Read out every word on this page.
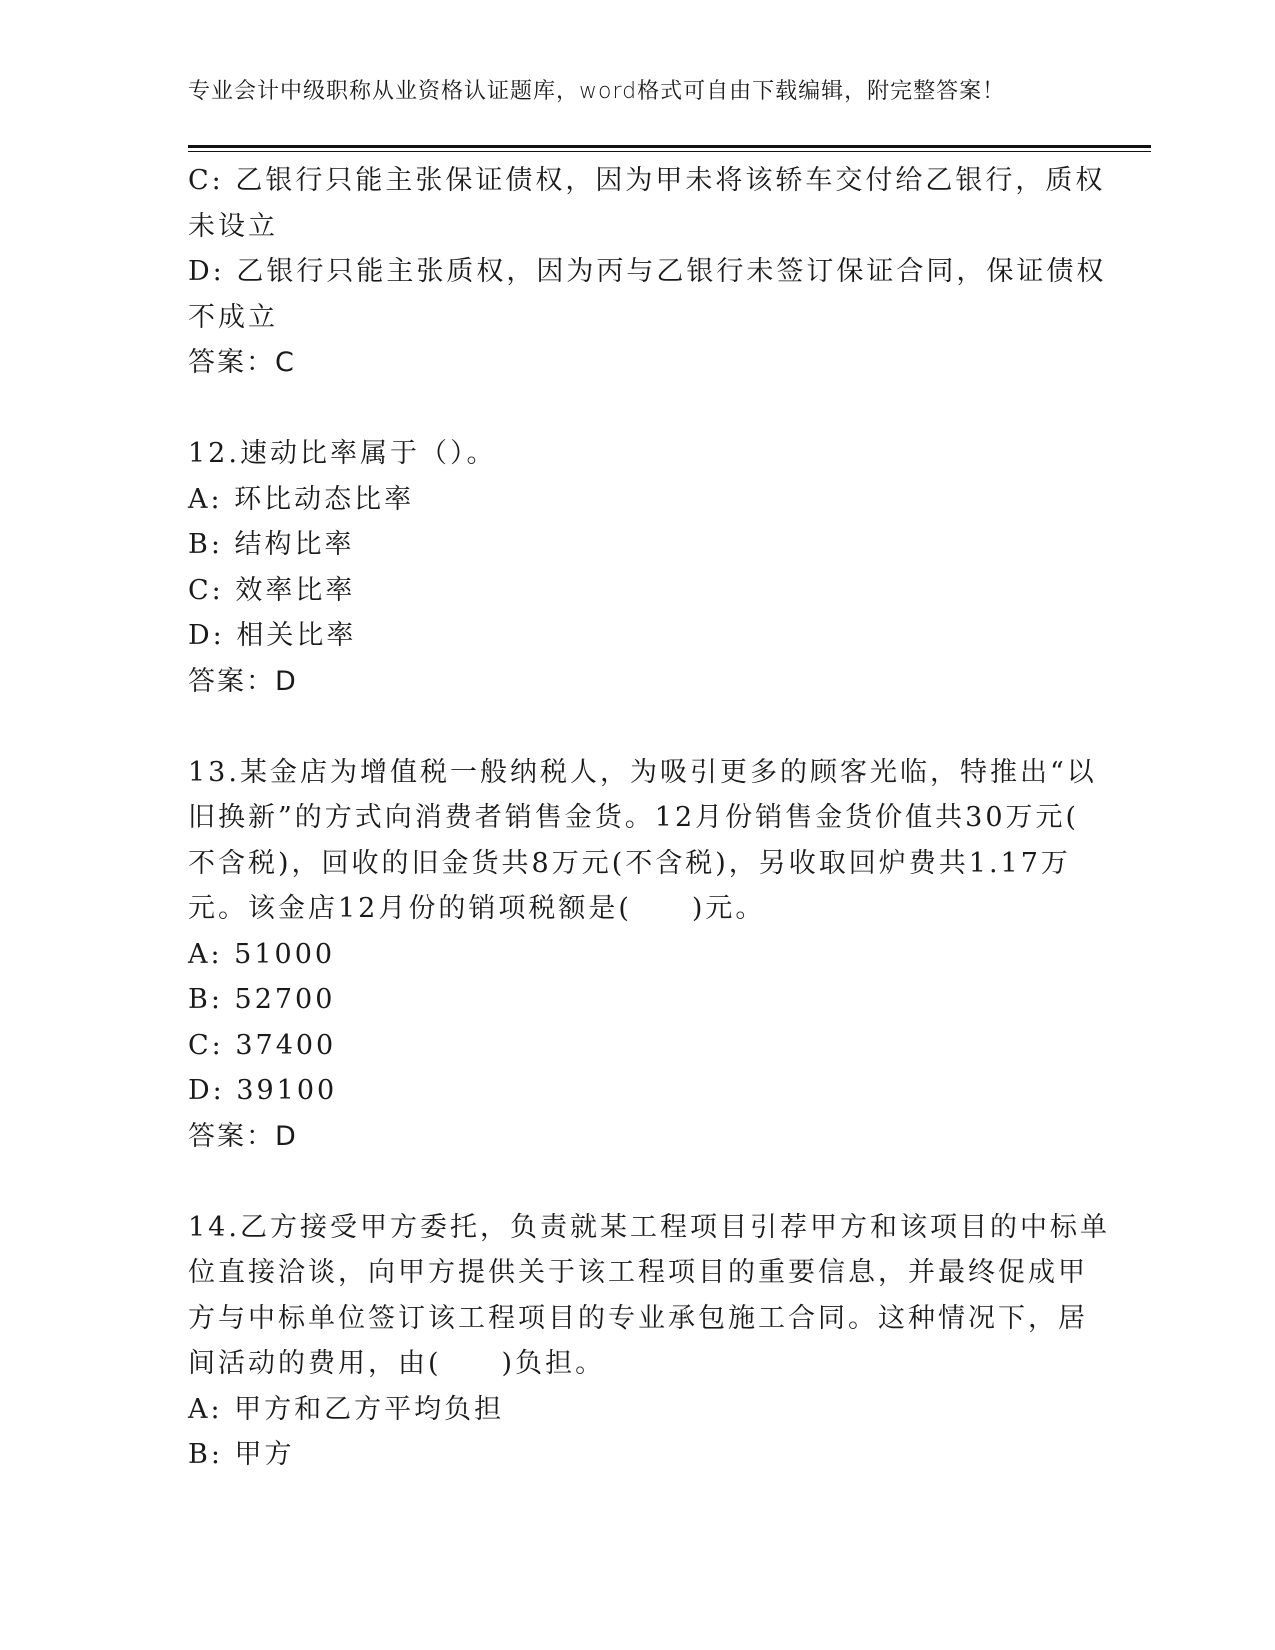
专业会计中级职称从业资格认证题库，word格式可自由下载编辑，附完整答案！
C: 乙银行只能主张保证债权，因为甲未将该轿车交付给乙银行，质权
未设立
D: 乙银行只能主张质权，因为丙与乙银行未签订保证合同，保证债权
不成立
答案：C
12.速动比率属于（）。
A: 环比动态比率
B: 结构比率
C: 效率比率
D: 相关比率
答案：D
13.某金店为增值税一般纳税人，为吸引更多的顾客光临，特推出“以
旧换新”的方式向消费者销售金货。12月份销售金货价值共30万元(
不含税)，回收的旧金货共8万元(不含税)，另收取回炉费共1.17万
元。该金店12月份的销项税额是(　　)元。
A: 51000
B: 52700
C: 37400
D: 39100
答案：D
14.乙方接受甲方委托，负责就某工程项目引荐甲方和该项目的中标单
位直接洽谈，向甲方提供关于该工程项目的重要信息，并最终促成甲
方与中标单位签订该工程项目的专业承包施工合同。这种情况下，居
间活动的费用，由(　　)负担。
A: 甲方和乙方平均负担
B: 甲方
